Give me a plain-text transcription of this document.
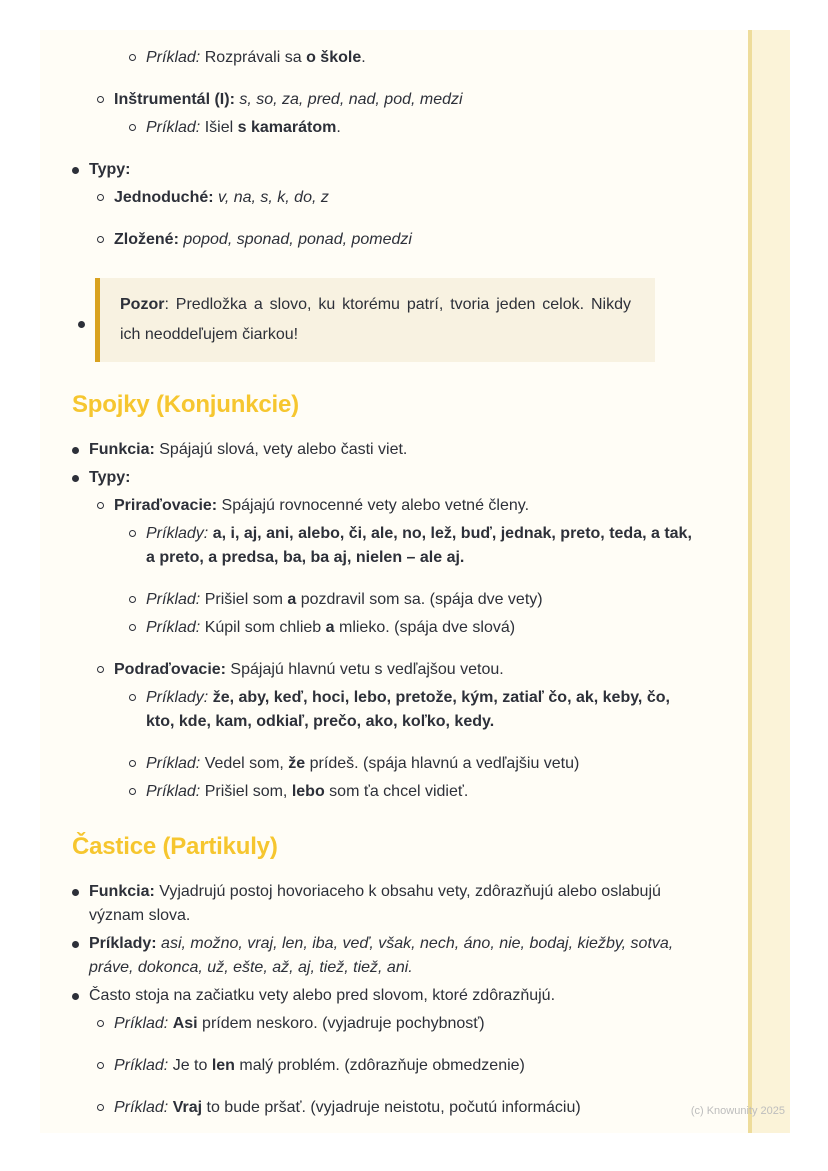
Príklad: Rozprávali sa o škole.
Inštrumentál (I): s, so, za, pred, nad, pod, medzi
Príklad: Išiel s kamarátom.
Typy:
Jednoduché: v, na, s, k, do, z
Zložené: popod, sponad, ponad, pomedzi
Pozor: Predložka a slovo, ku ktorému patrí, tvoria jeden celok. Nikdy ich neoddeľujem čiarkou!
Spojky (Konjunkcie)
Funkcia: Spájajú slová, vety alebo časti viet.
Typy:
Priraďovacie: Spájajú rovnocenné vety alebo vetné členy.
Príklady: a, i, aj, ani, alebo, či, ale, no, lež, buď, jednak, preto, teda, a tak, a preto, a predsa, ba, ba aj, nielen – ale aj.
Príklad: Prišiel som a pozdravil som sa. (spája dve vety)
Príklad: Kúpil som chlieb a mlieko. (spája dve slová)
Podraďovacie: Spájajú hlavnú vetu s vedľajšou vetou.
Príklady: že, aby, keď, hoci, lebo, pretože, kým, zatiaľ čo, ak, keby, čo, kto, kde, kam, odkiaľ, prečo, ako, koľko, kedy.
Príklad: Vedel som, že prídeš. (spája hlavnú a vedľajšiu vetu)
Príklad: Prišiel som, lebo som ťa chcel vidieť.
Častice (Partikuly)
Funkcia: Vyjadrujú postoj hovoriaceho k obsahu vety, zdôrazňujú alebo oslabujú význam slova.
Príklady: asi, možno, vraj, len, iba, veď, však, nech, áno, nie, bodaj, kiežby, sotva, práve, dokonca, už, ešte, až, aj, tiež, tiež, ani.
Často stoja na začiatku vety alebo pred slovom, ktoré zdôrazňujú.
Príklad: Asi prídem neskoro. (vyjadruje pochybnosť)
Príklad: Je to len malý problém. (zdôrazňuje obmedzenie)
Príklad: Vraj to bude pršať. (vyjadruje neistotu, počutú informáciu)	(c) Knowunity 2025
